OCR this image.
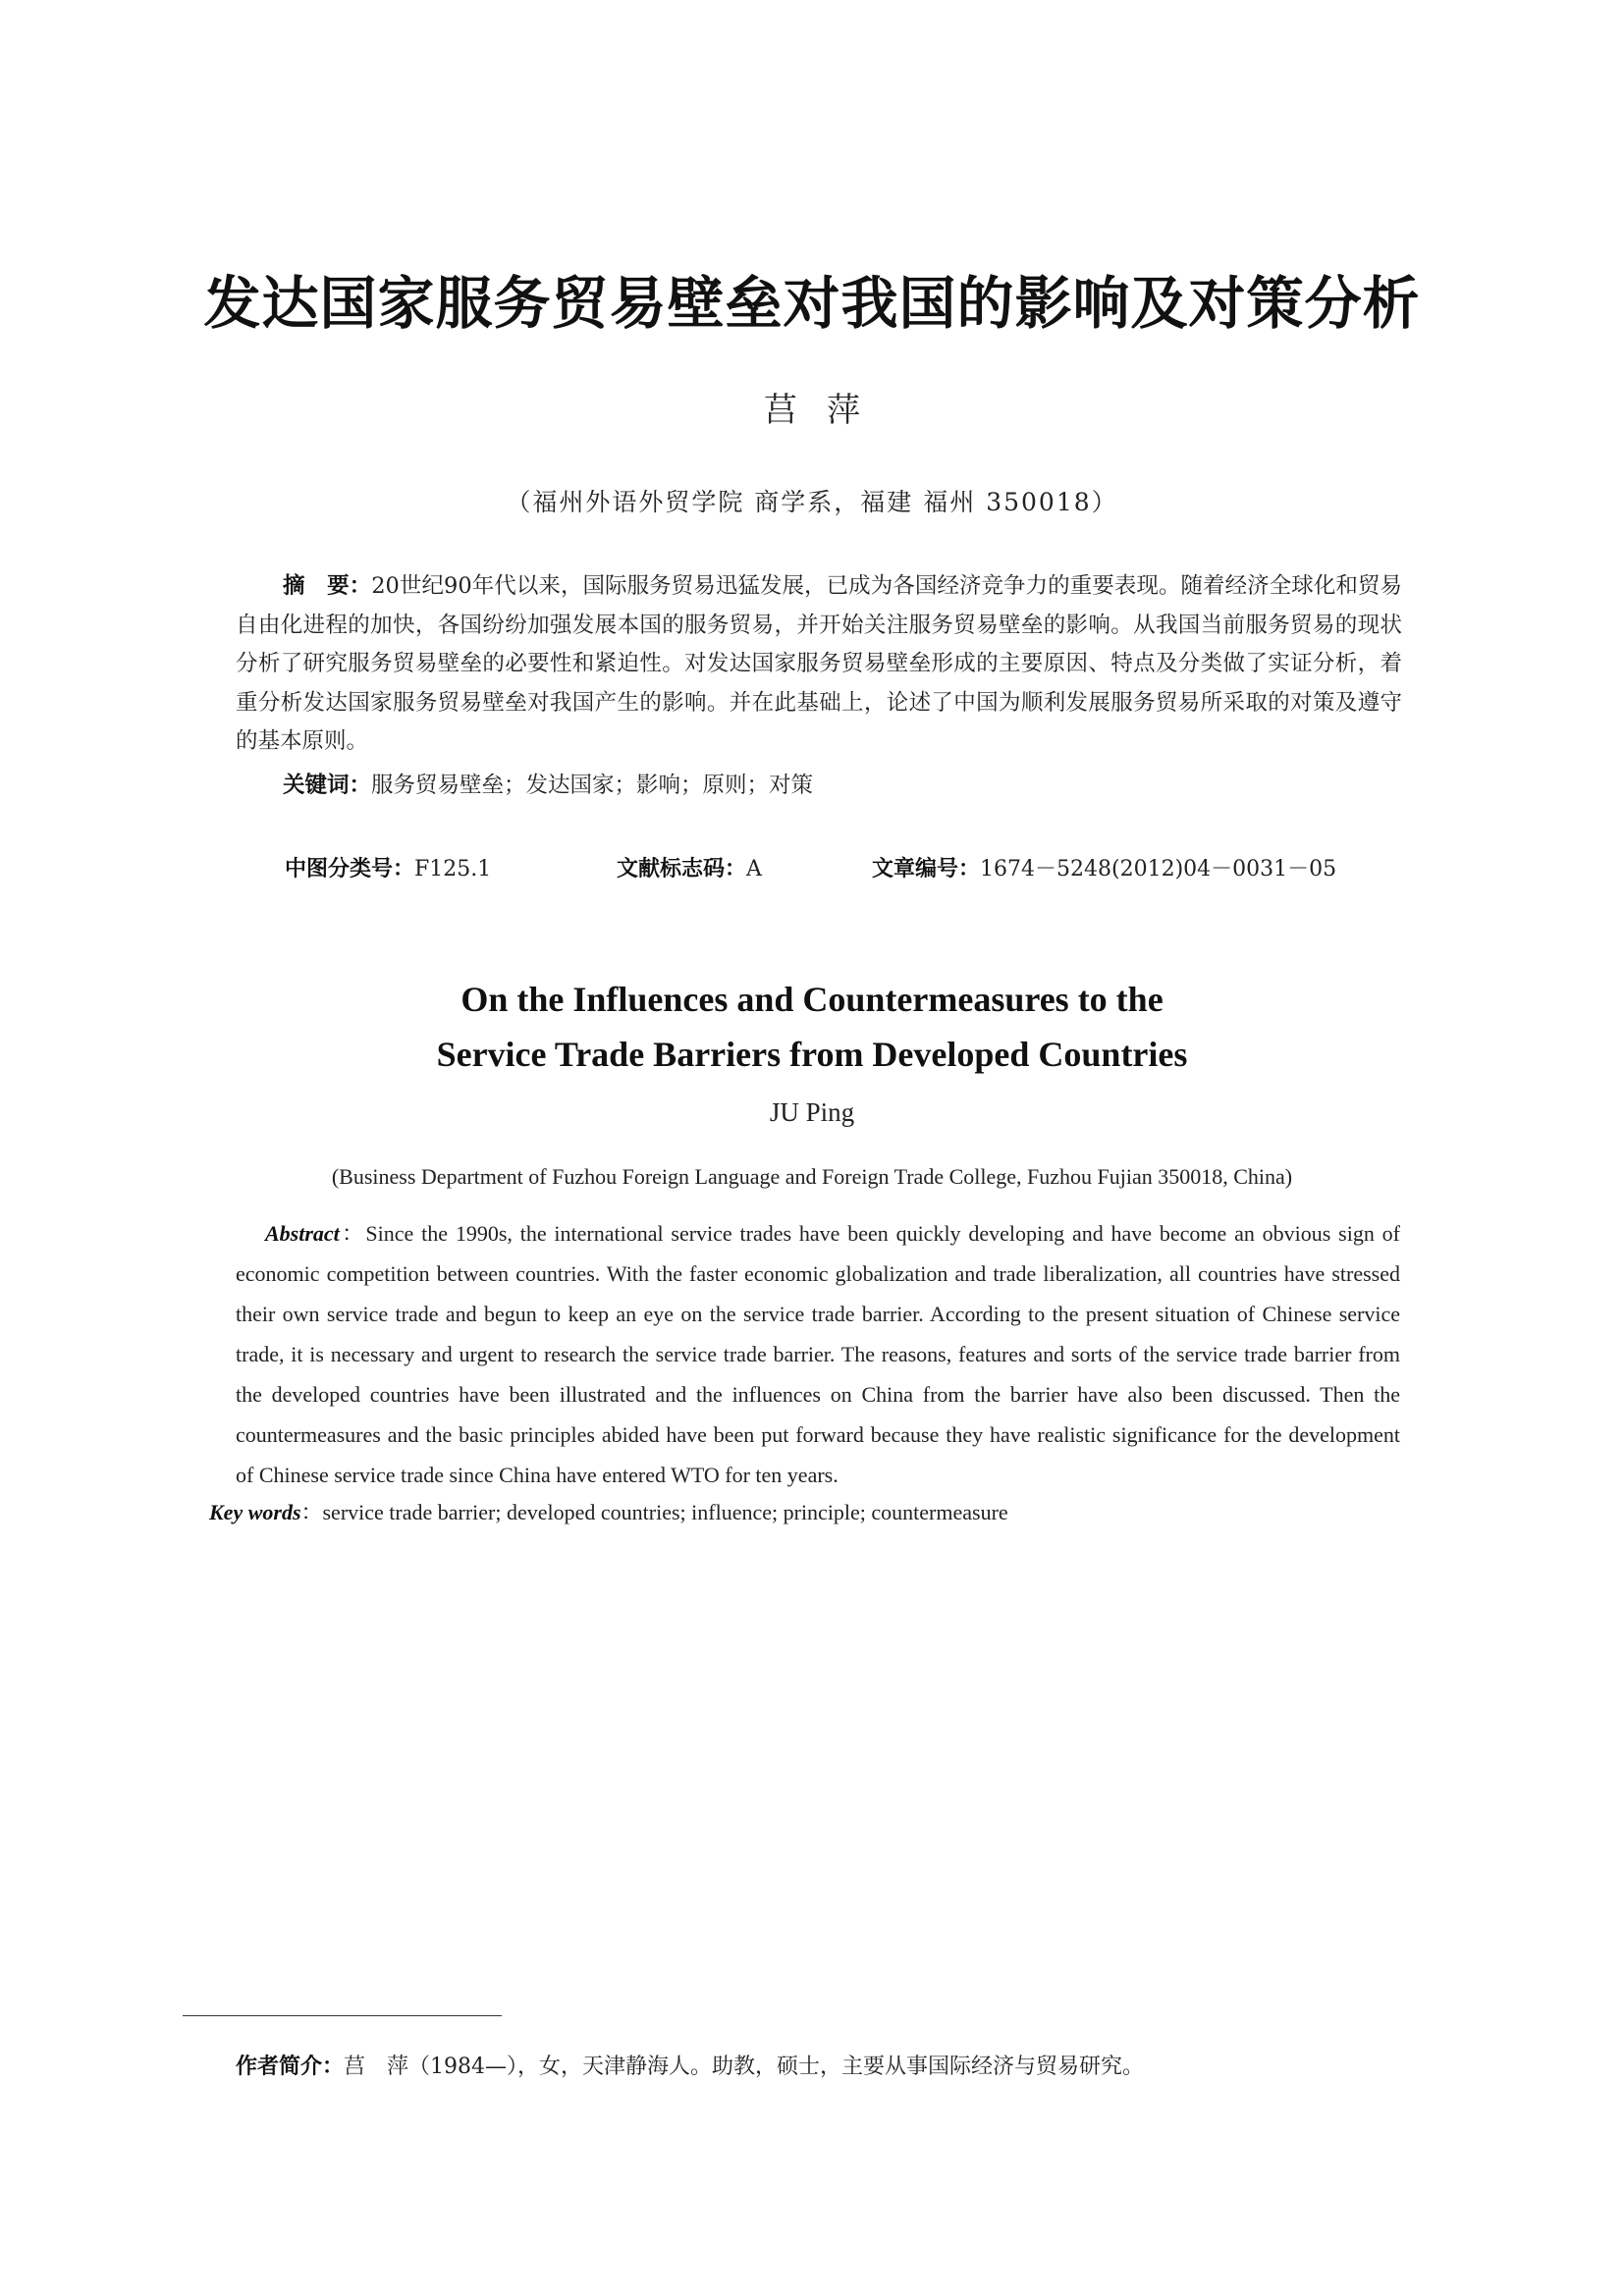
发达国家服务贸易壁垒对我国的影响及对策分析
莒萍
（福州外语外贸学院 商学系，福建 福州 350018）
摘　要：20世纪90年代以来，国际服务贸易迅猛发展，已成为各国经济竞争力的重要表现。随着经济全球化和贸易自由化进程的加快，各国纷纷加强发展本国的服务贸易，并开始关注服务贸易壁垒的影响。从我国当前服务贸易的现状分析了研究服务贸易壁垒的必要性和紧迫性。对发达国家服务贸易壁垒形成的主要原因、特点及分类做了实证分析，着重分析发达国家服务贸易壁垒对我国产生的影响。并在此基础上，论述了中国为顺利发展服务贸易所采取的对策及遵守的基本原则。
关键词：服务贸易壁垒；发达国家；影响；原则；对策
中图分类号：F125.1	文献标志码：A	文章编号：1674－5248(2012)04－0031－05
On the Influences and Countermeasures to the
Service Trade Barriers from Developed Countries
JU Ping
(Business Department of Fuzhou Foreign Language and Foreign Trade College, Fuzhou Fujian 350018, China)
Abstract：Since the 1990s, the international service trades have been quickly developing and have become an obvious sign of economic competition between countries. With the faster economic globalization and trade liberalization, all countries have stressed their own service trade and begun to keep an eye on the service trade barrier. According to the present situation of Chinese service trade, it is necessary and urgent to research the service trade barrier. The reasons, features and sorts of the service trade barrier from the developed countries have been illustrated and the influences on China from the barrier have also been discussed. Then the countermeasures and the basic principles abided have been put forward because they have realistic significance for the development of Chinese service trade since China have entered WTO for ten years.
Key words：service trade barrier; developed countries; influence; principle; countermeasure
作者简介：莒　萍（1984—），女，天津静海人。助教，硕士，主要从事国际经济与贸易研究。
